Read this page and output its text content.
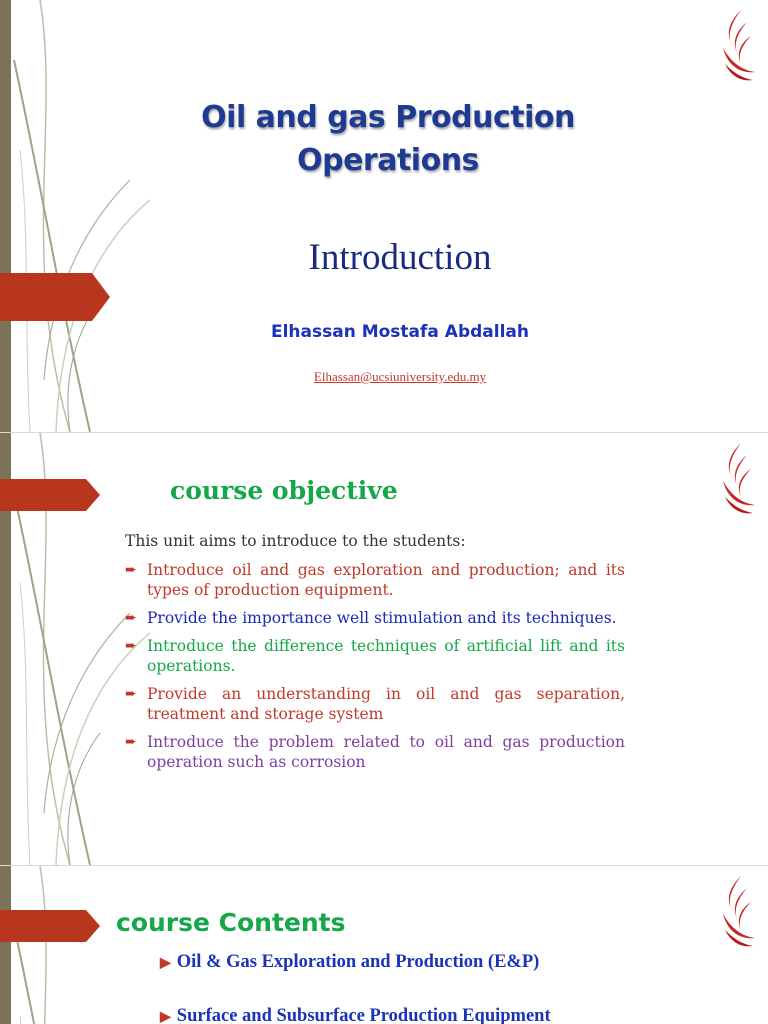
Oil and gas Production Operations
Introduction
Elhassan Mostafa Abdallah
Elhassan@ucsiuniversity.edu.my
course objective
This unit aims to introduce to the students:
➨ Introduce oil and gas exploration and production; and its types of production equipment.
➨ Provide the importance well stimulation and its techniques.
➨ Introduce the difference techniques of artificial lift and its operations.
➨ Provide an understanding in oil and gas separation, treatment and storage system
➨ Introduce the problem related to oil and gas production operation such as corrosion
course Contents
▶ Oil & Gas Exploration and Production (E&P)
▶ Surface and Subsurface Production Equipment
